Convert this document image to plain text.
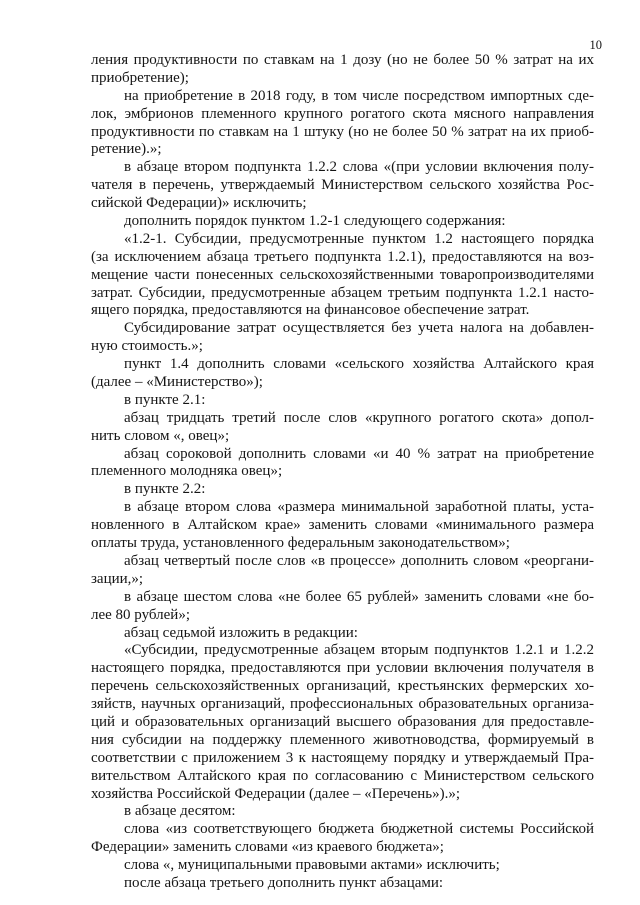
10
ления продуктивности по ставкам на 1 дозу (но не более 50 % затрат на их
приобретение);
на приобретение в 2018 году, в том числе посредством импортных сде-
лок, эмбрионов племенного крупного рогатого скота мясного направления
продуктивности по ставкам на 1 штуку (но не более 50 % затрат на их приоб-
ретение).»;
в абзаце втором подпункта 1.2.2 слова «(при условии включения полу-
чателя в перечень, утверждаемый Министерством сельского хозяйства Рос-
сийской Федерации)» исключить;
дополнить порядок пунктом 1.2-1 следующего содержания:
«1.2-1. Субсидии, предусмотренные пунктом 1.2 настоящего порядка
(за исключением абзаца третьего подпункта 1.2.1), предоставляются на воз-
мещение части понесенных сельскохозяйственными товаропроизводителями
затрат. Субсидии, предусмотренные абзацем третьим подпункта 1.2.1 насто-
ящего порядка, предоставляются на финансовое обеспечение затрат.
Субсидирование затрат осуществляется без учета налога на добавлен-
ную стоимость.»;
пункт 1.4 дополнить словами «сельского хозяйства Алтайского края
(далее – «Министерство»);
в пункте 2.1:
абзац тридцать третий после слов «крупного рогатого скота» допол-
нить словом «, овец»;
абзац сороковой дополнить словами «и 40 % затрат на приобретение
племенного молодняка овец»;
в пункте 2.2:
в абзаце втором слова «размера минимальной заработной платы, уста-
новленного в Алтайском крае» заменить словами «минимального размера
оплаты труда, установленного федеральным законодательством»;
абзац четвертый после слов «в процессе» дополнить словом «реоргани-
зации,»;
в абзаце шестом слова «не более 65 рублей» заменить словами «не бо-
лее 80 рублей»;
абзац седьмой изложить в редакции:
«Субсидии, предусмотренные абзацем вторым подпунктов 1.2.1 и 1.2.2
настоящего порядка, предоставляются при условии включения получателя в
перечень сельскохозяйственных организаций, крестьянских фермерских хо-
зяйств, научных организаций, профессиональных образовательных организа-
ций и образовательных организаций высшего образования для предоставле-
ния субсидии на поддержку племенного животноводства, формируемый в
соответствии с приложением 3 к настоящему порядку и утверждаемый Пра-
вительством Алтайского края по согласованию с Министерством сельского
хозяйства Российской Федерации (далее – «Перечень»).»;
в абзаце десятом:
слова «из соответствующего бюджета бюджетной системы Российской
Федерации» заменить словами «из краевого бюджета»;
слова «, муниципальными правовыми актами» исключить;
после абзаца третьего дополнить пункт абзацами:
